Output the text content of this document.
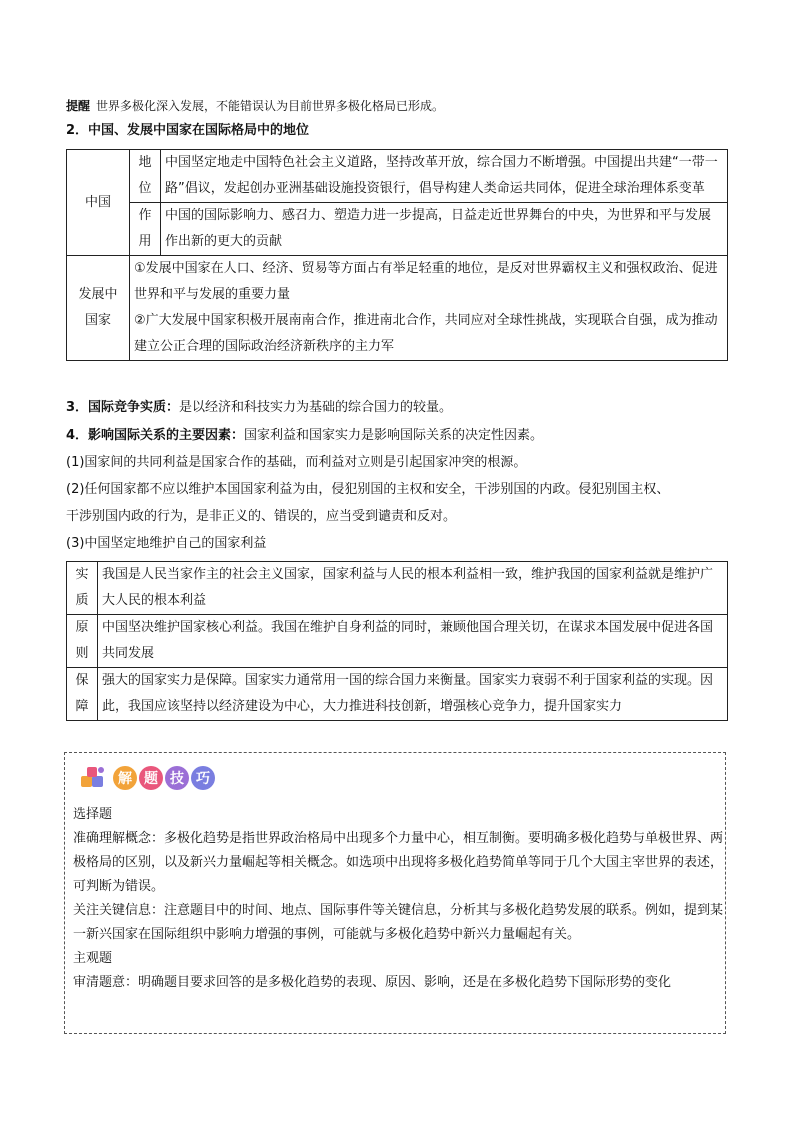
提醒 世界多极化深入发展，不能错误认为目前世界多极化格局已形成。
2．中国、发展中国家在国际格局中的地位
中国	地位	中国坚定地走中国特色社会主义道路，坚持改革开放，综合国力不断增强。中国提出共建“一带一路”倡议，发起创办亚洲基础设施投资银行，倡导构建人类命运共同体，促进全球治理体系变革
	作用	中国的国际影响力、感召力、塑造力进一步提高，日益走近世界舞台的中央，为世界和平与发展作出新的更大的贡献
发展中国家	①发展中国家在人口、经济、贸易等方面占有举足轻重的地位，是反对世界霸权主义和强权政治、促进世界和平与发展的重要力量
②广大发展中国家积极开展南南合作，推进南北合作，共同应对全球性挑战，实现联合自强，成为推动建立公正合理的国际政治经济新秩序的主力军	
3．国际竞争实质：是以经济和科技实力为基础的综合国力的较量。
4．影响国际关系的主要因素：国家利益和国家实力是影响国际关系的决定性因素。
(1)国家间的共同利益是国家合作的基础，而利益对立则是引起国家冲突的根源。
(2)任何国家都不应以维护本国国家利益为由，侵犯别国的主权和安全，干涉别国的内政。侵犯别国主权、
干涉别国内政的行为，是非正义的、错误的，应当受到谴责和反对。
(3)中国坚定地维护自己的国家利益
实质	我国是人民当家作主的社会主义国家，国家利益与人民的根本利益相一致，维护我国的国家利益就是维护广大人民的根本利益
原则	中国坚决维护国家核心利益。我国在维护自身利益的同时，兼顾他国合理关切，在谋求本国发展中促进各国共同发展
保障	强大的国家实力是保障。国家实力通常用一国的综合国力来衡量。国家实力衰弱不利于国家利益的实现。因此，我国应该坚持以经济建设为中心，大力推进科技创新，增强核心竞争力，提升国家实力
解 题 技 巧

选择题

准确理解概念：多极化趋势是指世界政治格局中出现多个力量中心，相互制衡。要明确多极化趋势与单极世界、两极格局的区别，以及新兴力量崛起等相关概念。如选项中出现将多极化趋势简单等同于几个大国主宰世界的表述，可判断为错误。

关注关键信息：注意题目中的时间、地点、国际事件等关键信息，分析其与多极化趋势发展的联系。例如，提到某一新兴国家在国际组织中影响力增强的事例，可能就与多极化趋势中新兴力量崛起有关。

主观题

审清题意：明确题目要求回答的是多极化趋势的表现、原因、影响，还是在多极化趋势下国际形势的变化
